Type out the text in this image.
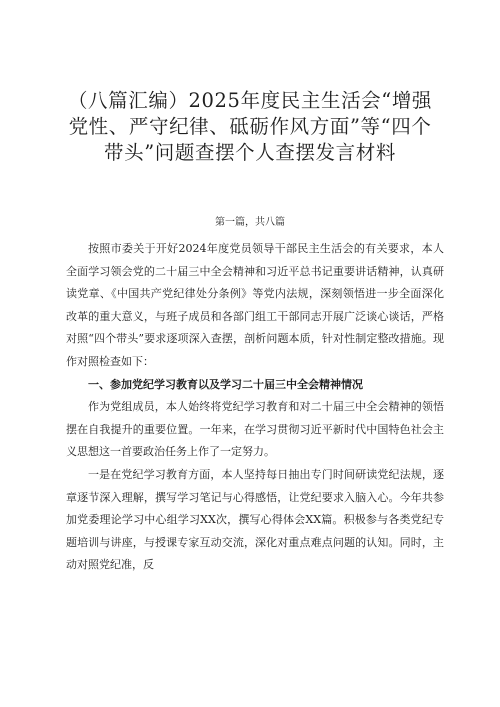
（八篇汇编）2025年度民主生活会“增强党性、严守纪律、砥砺作风方面”等“四个带头”问题查摆个人查摆发言材料
第一篇，共八篇

按照市委关于开好2024年度党员领导干部民主生活会的有关要求，本人全面学习领会党的二十届三中全会精神和习近平总书记重要讲话精神，认真研读党章、《中国共产党纪律处分条例》等党内法规，深刻领悟进一步全面深化改革的重大意义，与班子成员和各部门组工干部同志开展广泛谈心谈话，严格对照“四个带头”要求逐项深入查摆，剖析问题本质，针对性制定整改措施。现作对照检查如下：

一、参加党纪学习教育以及学习二十届三中全会精神情况

作为党组成员，本人始终将党纪学习教育和对二十届三中全会精神的领悟摆在自我提升的重要位置。一年来，在学习贯彻习近平新时代中国特色社会主义思想这一首要政治任务上作了一定努力。

一是在党纪学习教育方面，本人坚持每日抽出专门时间研读党纪法规，逐章逐节深入理解，撰写学习笔记与心得感悟，让党纪要求入脑入心。今年共参加党委理论学习中心组学习XX次，撰写心得体会XX篇。积极参与各类党纪专题培训与讲座，与授课专家互动交流，深化对重点难点问题的认知。同时，主动对照党纪准，反
